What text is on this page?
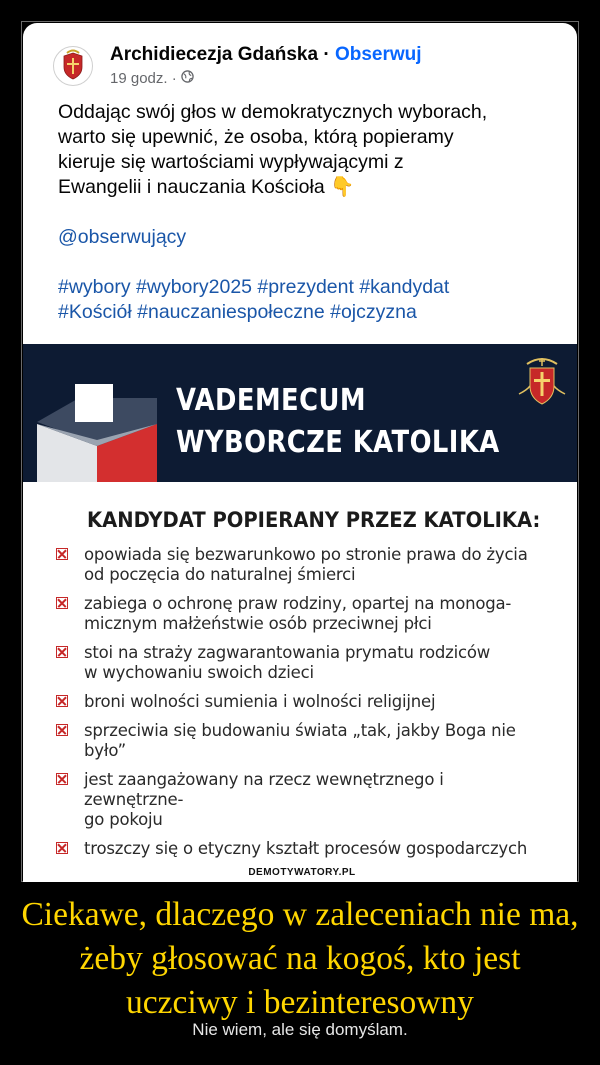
Archidiecezja Gdańska · Obserwuj
19 godz. ·

Oddając swój głos w demokratycznych wyborach,

warto się upewnić, że osoba, którą popieramy

kieruje się wartościami wypływającymi z

Ewangelii i nauczania Kościoła 👇

@obserwujący

#wybory #wybory2025 #prezydent #kandydat

#Kościół #nauczaniespołeczne #ojczyzna

VADEMECUM
WYBORCZE KATOLIKA
KANDYDAT POPIERANY PRZEZ KATOLIKA:
opowiada się bezwarunkowo po stronie prawa do życia
od poczęcia do naturalnej śmierci
zabiega o ochronę praw rodziny, opartej na monoga-
micznym małżeństwie osób przeciwnej płci
stoi na straży zagwarantowania prymatu rodziców
w wychowaniu swoich dzieci
broni wolności sumienia i wolności religijnej
sprzeciwia się budowaniu świata „tak, jakby Boga nie było”
jest zaangażowany na rzecz wewnętrznego i zewnętrzne-
go pokoju
troszczy się o etyczny kształt procesów gospodarczych
DEMOTYWATORY.PL
Ciekawe, dlaczego w zaleceniach nie ma,
żeby głosować na kogoś, kto jest
uczciwy i bezinteresowny
Nie wiem, ale się domyślam.
